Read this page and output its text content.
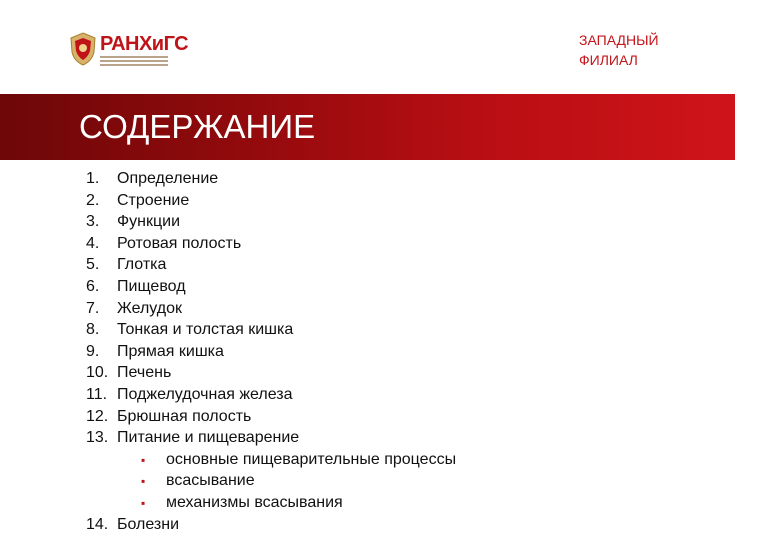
РАНХиГС	ЗАПАДНЫЙ
ФИЛИАЛ
СОДЕРЖАНИЕ
1. Определение
2. Строение
3. Функции
4. Ротовая полость
5. Глотка
6. Пищевод
7. Желудок
8. Тонкая и толстая кишка
9. Прямая кишка
10. Печень
11. Поджелудочная железа
12. Брюшная полость
13. Питание и пищеварение
▪ основные пищеварительные процессы
▪ всасывание
▪ механизмы всасывания
14. Болезни
